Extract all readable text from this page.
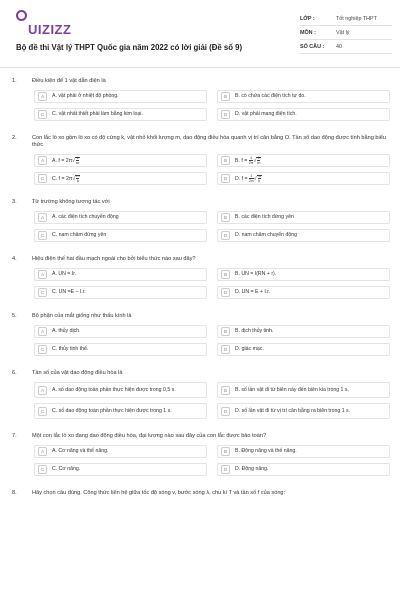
UIZIZZ
Bộ đề thi Vật lý THPT Quốc gia năm 2022 có lời giải (Đề số 9)
LỚP :	Tốt nghiệp THPT
MÔN :	Vật lý
SỐ CÂU :	40
1.	Điều kiện để 1 vật dẫn điện là
A	A. vật phải ở nhiệt độ phòng.	B	B. có chứa các điện tích tự do.
C	C. vật nhất thiết phải làm bằng kim loại.	D	D. vật phải mang điện tích.
2.	Con lắc lò xo gồm lò xo có độ cứng k, vật nhỏ khối lượng m, dao động điều hòa quanh vị trí cân bằng O. Tần số dao động được tính bằng biểu thức
A	A. $f = 2\pi√ \frac{k}{m}$	B	B. $f = \frac{1}{2\pi}$ √ $\frac{k}{m}$
C	C. $f = 2\pi√ \frac{m}{k}$	D	D. $f = \frac{1}{2\pi}$ √ $\frac{m}{k}$
3.	Từ trường không tương tác với
A	A. các điện tích chuyển động	B	B. các điện tích đứng yên
C	C. nam châm đứng yên	D	D. nam châm chuyển động
4.	Hiệu điện thế hai đầu mạch ngoài cho bởi biểu thức nào sau đây?
A	A. UN = Ir.	B	B. UN = I(RN + r).
C	C. UN =E – I.r.	D	D. UN = E + I.r.
5.	Bộ phận của mắt giống như thấu kính là
A	A. thủy dịch.	B	B. dịch thủy tinh.
C	C. thủy tinh thể.	D	D. giác mạc.
6.	Tần số của vật dao động điều hòa là
A	A. số dao động toàn phần thực hiện được trong 0,5 s.	B	B. số lần vật đi từ biên này đến biên kia trong 1 s.
C	C. số dao động toàn phần thực hiện được trong 1 s.	D	D. số lần vật đi từ vị trí cân bằng ra biên trong 1 s.
7.	Một con lắc lò xo đang dao động điều hòa, đại lượng nào sau đây của con lắc được bảo toàn?
A	A. Cơ năng và thế năng.	B	B. Động năng và thế năng.
C	C. Cơ năng.	D	D. Động năng.
8.	Hãy chọn câu đúng. Công thức liên hệ giữa tốc độ sóng v, bước sóng λ, chu kì T và tần số f của sóng:
